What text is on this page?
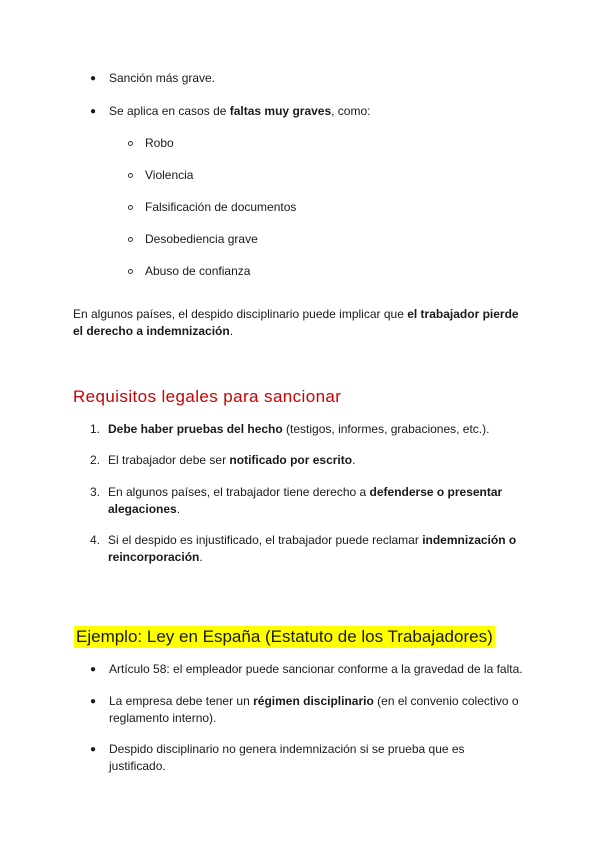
● Sanción más grave.
● Se aplica en casos de faltas muy graves, como:
Robo
Violencia
Falsificación de documentos
Desobediencia grave
Abuso de confianza
En algunos países, el despido disciplinario puede implicar que el trabajador pierde
el derecho a indemnización.
Requisitos legales para sancionar
1. Debe haber pruebas del hecho (testigos, informes, grabaciones, etc.).
2. El trabajador debe ser notificado por escrito.
3. En algunos países, el trabajador tiene derecho a defenderse o presentar
alegaciones.
4. Si el despido es injustificado, el trabajador puede reclamar indemnización o
reincorporación.
Ejemplo: Ley en España (Estatuto de los Trabajadores)
● Artículo 58: el empleador puede sancionar conforme a la gravedad de la falta.
● La empresa debe tener un régimen disciplinario (en el convenio colectivo o
reglamento interno).
● Despido disciplinario no genera indemnización si se prueba que es
justificado.
